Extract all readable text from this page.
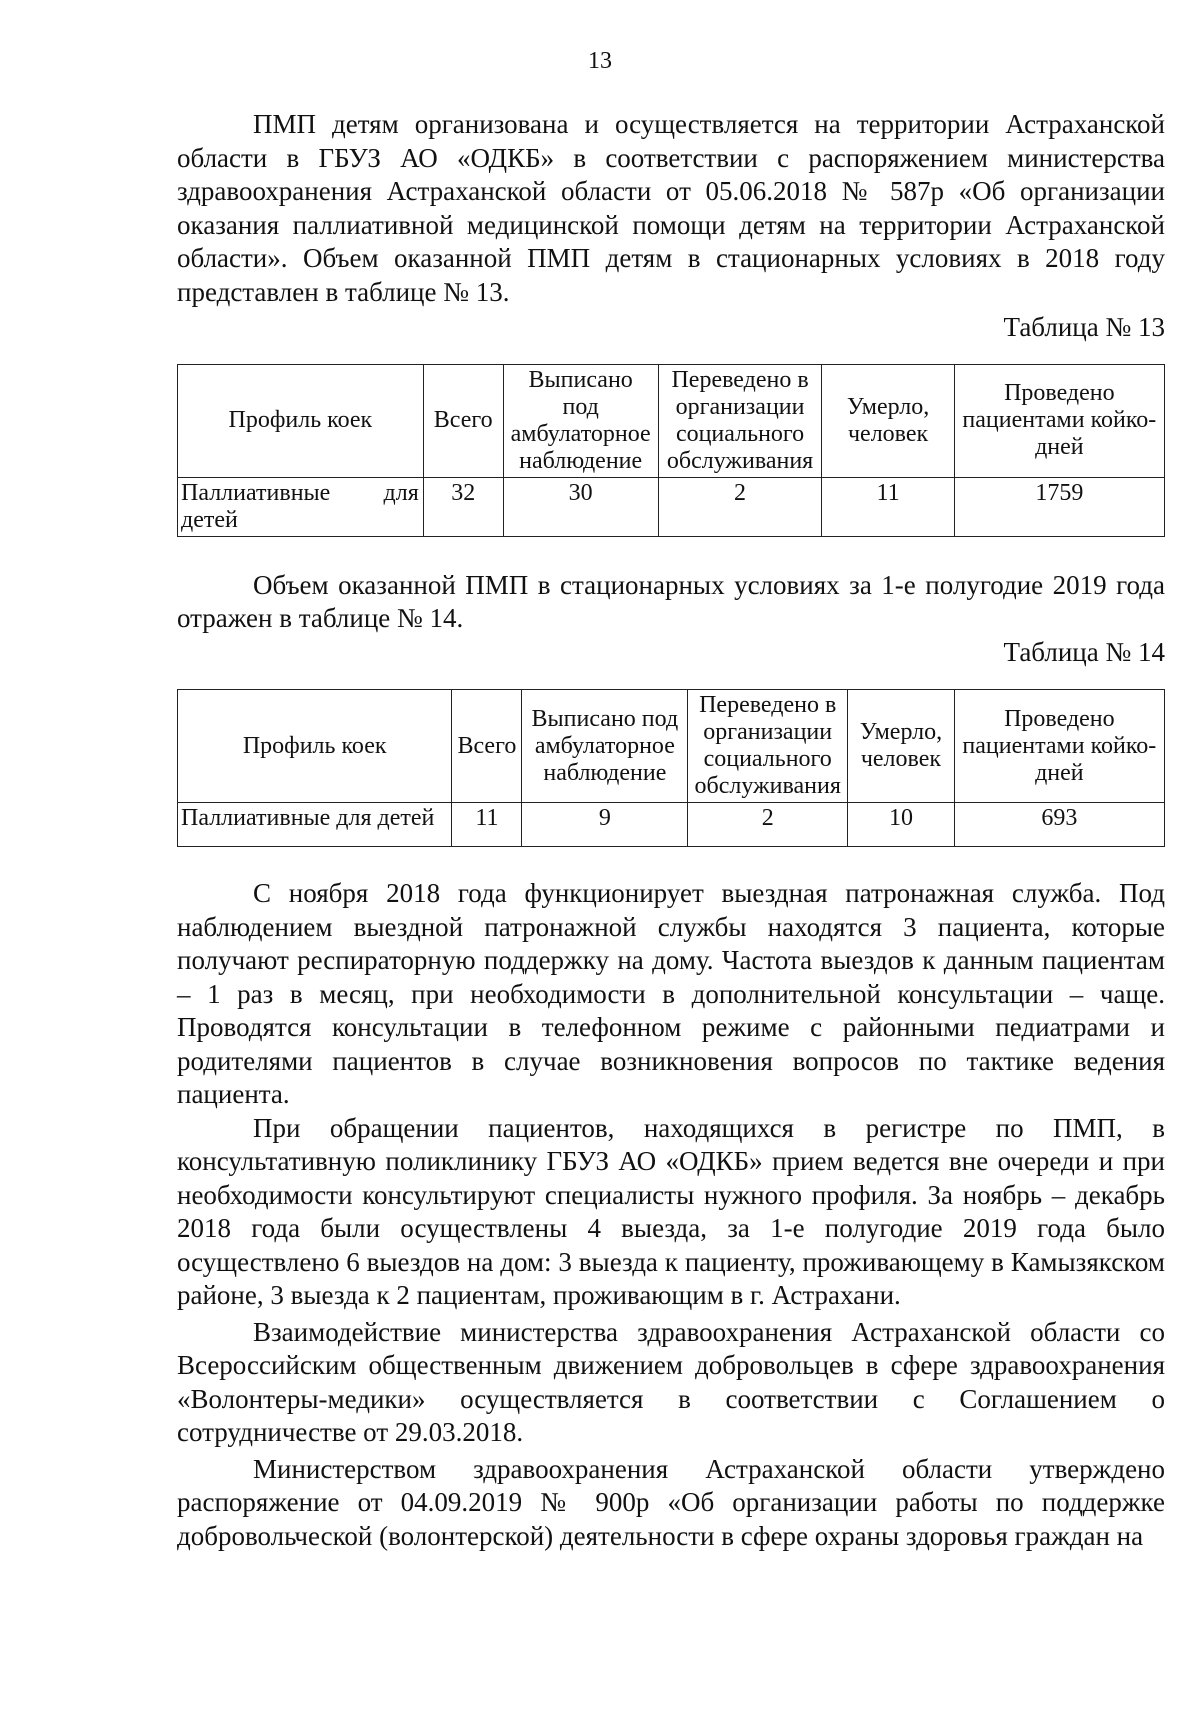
13

ПМП детям организована и осуществляется на территории Астраханской области в ГБУЗ АО «ОДКБ» в соответствии с распоряжением министерства здравоохранения Астраханской области от 05.06.2018 № 587р «Об организации оказания паллиативной медицинской помощи детям на территории Астраханской области». Объем оказанной ПМП детям в стационарных условиях в 2018 году представлен в таблице № 13.

Таблица № 13

Профиль коек	Всего	Выписано под амбулаторное наблюдение	Переведено в организации социального обслуживания	Умерло, человек	Проведено пациентами койко-дней
Паллиативные для детей	32	30	2	11	1759

Объем оказанной ПМП в стационарных условиях за 1-е полугодие 2019 года отражен в таблице № 14.

Таблица № 14

Профиль коек	Всего	Выписано под амбулаторное наблюдение	Переведено в организации социального обслуживания	Умерло, человек	Проведено пациентами койко-дней
Паллиативные для детей	11	9	2	10	693

С ноября 2018 года функционирует выездная патронажная служба. Под наблюдением выездной патронажной службы находятся 3 пациента, которые получают респираторную поддержку на дому. Частота выездов к данным пациентам – 1 раз в месяц, при необходимости в дополнительной консультации – чаще. Проводятся консультации в телефонном режиме с районными педиатрами и родителями пациентов в случае возникновения вопросов по тактике ведения пациента.

При обращении пациентов, находящихся в регистре по ПМП, в консультативную поликлинику ГБУЗ АО «ОДКБ» прием ведется вне очереди и при необходимости консультируют специалисты нужного профиля. За ноябрь – декабрь 2018 года были осуществлены 4 выезда, за 1-е полугодие 2019 года было осуществлено 6 выездов на дом: 3 выезда к пациенту, проживающему в Камызякском районе, 3 выезда к 2 пациентам, проживающим в г. Астрахани.

Взаимодействие министерства здравоохранения Астраханской области со Всероссийским общественным движением добровольцев в сфере здравоохранения «Волонтеры-медики» осуществляется в соответствии с Соглашением о сотрудничестве от 29.03.2018.

Министерством здравоохранения Астраханской области утверждено распоряжение от 04.09.2019 № 900р «Об организации работы по поддержке добровольческой (волонтерской) деятельности в сфере охраны здоровья граждан на
